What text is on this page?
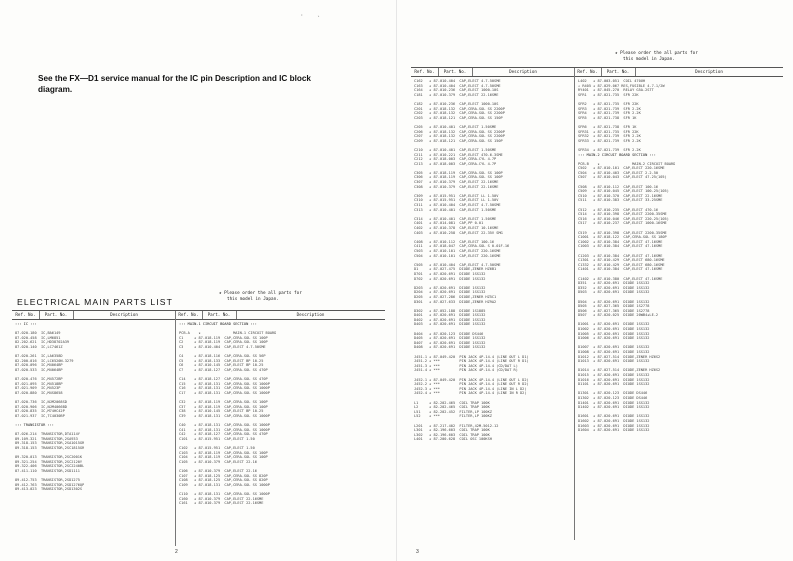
·
See the FX—D1 service manual for the IC pin Description and IC block diagram.
ELECTRICAL MAIN PARTS LIST
★ Please order the all parts for
this model in Japan.
Ref. No.	Part. No.	Description	Ref. No.	Part. No.	Description
::: IC :::
87-020-180  IC,BA6149
87-020-458  IC,LM6851
82-202-621  IC,HD38702A39
87-020-140  IC,LC7461Z
87-020-261  IC,LA6358D
82-200-016  IC,LC6520N-3279
87-020-096  IC,M4064BP
87-020-533  IC,M4064BP
87-020-476  IC,M4572BP
87-021-095  IC,M4518BP
87-021-909  IC,M4523P
87-020-880  IC,M4S8658
87-020-736  IC,NJM2068SD
87-020-906  IC,NJM4066BD
87-020-835  IC,M74HC42P
87-021-937  IC,TC4030BP
::: TRANSISTOR :::
87-026-214  TRANSISTOR,DTA114Y
89-109-321  TRANSISTOR,2SA933
89-318-153  TRANSISTOR,2SA1015GR
89-318-153  TRANSISTOR,2SC1815GR
89-320-013  TRANSISTOR,2SC2001K
89-321-254  TRANSISTOR,2SC2120Y
89-322-406  TRANSISTOR,2SC2240BL
87-411-110  TRANSISTOR,2SD1111
89-412-753  TRANSISTOR,2SD1275
89-412-763  TRANSISTOR,2SD1276QP
89-413-023  TRANSISTOR,2SD1302S
::: MAIN-1 CIRCUIT BOARD SECTION :::
PCB-A    ★               MAIN-1 CIRCUIT BOARD
C1     ★ 87-018-119  CAP,CERA-SOL SS 100P
C2     ★ 87-018-119  CAP,CERA-SOL SS 100P
C3     ★ 87-010-404  CAP,ELECT 4.7-50SME
C4     ★ 87-018-116  CAP,CERA-SOL SS 56P
C5     ★ 87-018-133  CAP,ELECT BP 10-25
C6     ★ 87-010-145  CAP,ELECT BP 10-25
C7     ★ 87-018-127  CAP,CERA-SOL SS 470P
C14    ★ 87-018-127  CAP,CERA-SOL SS 470P
C15    ★ 87-018-131  CAP,CERA-SOL SS 1000P
C16    ★ 87-018-131  CAP,CERA-SOL SS 1000P
C17    ★ 87-018-131  CAP,CERA-SOL SS 1000P
C32    ★ 87-018-119  CAP,CERA-SOL SS 100P
C37    ★ 87-018-119  CAP,CERA-SOL SS 100P
C38    ★ 87-010-145  CAP,ELECT BP 10-25
C39    ★ 87-018-131  CAP,CERA-SOL SS 1000P
C40    ★ 87-018-131  CAP,CERA-SOL SS 1000P
C41    ★ 87-018-131  CAP,CERA-SOL SS 1000P
C42    ★ 87-018-127  CAP,CERA-SOL SS 470P
C101   ★ 87-015-951  CAP,ELECT 1-50
C102   ★ 87-015-951  CAP,ELECT 1-50
C103   ★ 87-018-119  CAP,CERA-SOL SS 100P
C104   ★ 87-018-119  CAP,CERA-SOL SS 100P
C105   ★ 87-010-379  CAP,ELECT 22-16
C106   ★ 87-010-379  CAP,ELECT 22-16
C107   ★ 87-018-125  CAP,CERA-SOL SS 820P
C108   ★ 87-018-125  CAP,CERA-SOL SS 820P
C109   ★ 87-018-131  CAP,CERA-SOL SS 1000P
C110   ★ 87-018-131  CAP,CERA-SOL SS 1000P
C160   ★ 87-010-379  CAP,ELECT 22-16SME
C161   ★ 87-010-379  CAP,ELECT 22-16SME
2
`
★ Please order the all parts for
this model in Japan.
Ref. No.	Part. No.	Description	Ref. No.	Part. No.	Description
C162   ★ 87-010-404  CAP,ELECT 4.7-50SME
C163   ★ 87-010-404  CAP,ELECT 4.7-50SME
C164   ★ 87-010-236  CAP,ELECT 1000-10S
C181   ★ 87-010-379  CAP,ELECT 22-16SME
C182   ★ 87-010-236  CAP,ELECT 1000-10S
C201   ★ 87-018-132  CAP,CERA-SOL SS 2200P
C202   ★ 87-018-132  CAP,CERA-SOL SS 2200P
C203   ★ 87-018-121  CAP,CERA-SOL SS 150P
C205   ★ 87-010-401  CAP,ELECT 1-50SME
C206   ★ 87-018-132  CAP,CERA-SOL SS 2200P
C207   ★ 87-018-132  CAP,CERA-SOL SS 2200P
C209   ★ 87-018-121  CAP,CERA-SOL SS 150P
C210   ★ 87-010-401  CAP,ELECT 1-50SME
C211   ★ 87-010-221  CAP,ELECT 470-6.3SME
C212   ★ 87-018-003  CAP,CERA-CYL 4.7P
C213   ★ 87-018-003  CAP,CERA-CYL 4.7P
C305   ★ 87-018-119  CAP,CERA-SOL SS 100P
C306   ★ 87-018-119  CAP,CERA-SOL SS 100P
C307   ★ 87-010-379  CAP,ELECT 22-16SME
C308   ★ 87-010-379  CAP,ELECT 22-16SME
C309   ★ 87-015-951  CAP,ELECT LL 1-50V
C310   ★ 87-015-951  CAP,ELECT LL 1-50V
C311   ★ 87-010-404  CAP,ELECT 4.7-50SME
C313   ★ 87-010-401  CAP,ELECT 1-50SME
C314   ★ 87-010-401  CAP,ELECT 1-50SME
C401   ★ 87-014-081  CAP,PP 0.01
C402   ★ 87-010-378  CAP,ELECT 10-16SME
C403   ★ 87-010-258  CAP,ELECT 22-35V SMG
C408   ★ 87-010-112  CAP,ELECT 100-16
C411   ★ 87-018-047  CAP,CERA-SOL S 0.01F-16
C503   ★ 87-010-101  CAP,ELECT 220-16SME
C504   ★ 87-010-101  CAP,ELECT 220-16SME
C505   ★ 87-010-404  CAP,ELECT 4.7-50SME
D1     ★ 87-027-475  DIODE,ZENER HZ6B1
D701   ★ 87-020-691  DIODE 1SS132
D702   ★ 87-020-691  DIODE 1SS132
D203   ★ 87-020-691  DIODE 1SS132
D204   ★ 87-020-691  DIODE 1SS132
D205   ★ 87-027-286  DIODE,ZENER HZ5C1
D301   ★ 87-027-633  DIODE,ZENER HZ9A2
D302   ★ 87-052-188  DIODE 1S1885
D401   ★ 87-020-691  DIODE 1SS132
D402   ★ 87-020-691  DIODE 1SS132
D403   ★ 87-020-691  DIODE 1SS132
D404   ★ 87-020-123  DIODE DS446
D405   ★ 87-020-691  DIODE 1SS132
D407   ★ 87-020-691  DIODE 1SS132
D408   ★ 87-020-691  DIODE 1SS132
J451-1 ★ 87-049-420  PIN JACK 4P-14.4 (LINE OUT L D1)
J451-2 ★ ***         PIN JACK 4P-14.4 (LINE OUT R D1)
J451-3 ★ ***         PIN JACK 4P-14.4 (CD/DAT L)
J451-4 ★ ***         PIN JACK 4P-14.4 (CD/DAT R)
J452-1 ★ 87-049-420  PIN JACK 4P-14.4 (LINE OUT L D2)
J452-2 ★ ***         PIN JACK 4P-14.4 (LINE OUT R D2)
J452-3 ★ ***         PIN JACK 4P-14.4 (LINE IN L D2)
J452-4 ★ ***         PIN JACK 4P-14.4 (LINE IN R D2)
L1     ★ 82-202-465  COIL TRAP 100K
L2     ★ 82-202-465  COIL TRAP 100K
L51    ★ 82-202-452  FILTER,LP 100KZ
L52    ★ ***         FILTER,LP 100KZ
L201   ★ 87-217-402  FILTER,42M-5012-12
L301   ★ 82-196-603  COIL TRAP 100K
L302   ★ 82-196-603  COIL TRAP 100K
L401   ★ 87-200-628  COIL OSC 100KSH
L402   ★ 87-003-051  COIL 470UH
⚠ R405 ★ 87-029-067 RES,FUSIBLE 4.7-1/2W
RY401  ★ 87-045-270  RELAY G5A-2STT
SFR1   ★ 87-021-735  SFR 22K
SFR2   ★ 87-021-735  SFR 22K
SFR3   ★ 87-021-739  SFR 2.2K
SFR4   ★ 87-021-739  SFR 2.2K
SFR5   ★ 87-021-738  SFR 1K
SFR6   ★ 87-021-738  SFR 1K
SFR31  ★ 87-021-735  SFR 22K
SFR32  ★ 87-021-739  SFR 2.2K
SFR33  ★ 87-021-739  SFR 2.2K
SFR34  ★ 87-021-739  SFR 2.2K
::: MAIN-2 CIRCUIT BOARD SECTION :::
PCB-B    ★               MAIN-2 CIRCUIT BOARD
C502   ★ 87-010-101  CAP,ELECT 220-16SME
C504   ★ 87-010-403  CAP,ELECT 2.2-50
C507   ★ 87-010-043  CAP,ELECT 47-25(105)
C508   ★ 87-010-112  CAP,ELECT 100-16
C509   ★ 87-010-045  CAP,ELECT 100-25(105)
C510   ★ 87-010-370  CAP,ELECT 22-16SME
C511   ★ 87-010-383  CAP,ELECT 33-25SME
C512   ★ 87-010-235  CAP,ELECT 470-16
C514   ★ 87-010-398  CAP,ELECT 2200-35SME
C516   ★ 87-010-046  CAP,ELECT 220-25(105)
C517   ★ 87-010-237  CAP,ELECT 1000-16SME
C519   ★ 87-010-398  CAP,ELECT 2200-35SME
C1001  ★ 87-018-122  CAP,CERA-SOL SS 180P
C1002  ★ 87-010-384  CAP,ELECT 47-16SME
C1003  ★ 87-010-384  CAP,ELECT 47-16SME
C1203  ★ 87-010-384  CAP,ELECT 47-16SME
C1301  ★ 87-010-429  CAP,ELECT 680-16SME
C1332  ★ 87-010-429  CAP,ELECT 680-16SME
C1401  ★ 87-010-384  CAP,ELECT 47-16SME
C1402  ★ 87-010-380  CAP,ELECT 47-16SME
D351   ★ 87-020-691  DIODE 1SS132
D352   ★ 87-020-691  DIODE 1SS132
D503   ★ 87-020-691  DIODE 1SS132
D504   ★ 87-020-691  DIODE 1SS132
D505   ★ 87-027-365  DIODE 1S2778
D506   ★ 87-027-365  DIODE 1S2778
D507   ★ 87-020-025  DIODE 20WB4★LE-2
D1001  ★ 87-020-691  DIODE 1SS132
D1002  ★ 87-020-691  DIODE 1SS132
D1005  ★ 87-020-691  DIODE 1SS132
D1006  ★ 87-020-691  DIODE 1SS132
D1007  ★ 87-020-691  DIODE 1SS132
D1008  ★ 87-020-691  DIODE 1SS132
D1012  ★ 87-027-514  DIODE,ZENER HZ6S2
D1013  ★ 87-020-691  DIODE 1SS132
D1014  ★ 87-027-514  DIODE,ZENER HZ6S2
D1015  ★ 87-020-691  DIODE 1SS132
D1016  ★ 87-020-691  DIODE 1SS132
D1101  ★ 87-020-691  DIODE 1SS132
D1301  ★ 87-020-123  DIODE DS446
D1302  ★ 87-020-123  DIODE DS446
D1401  ★ 87-020-691  DIODE 1SS132
D1402  ★ 87-020-691  DIODE 1SS132
D1601  ★ 87-020-691  DIODE 1SS132
D1602  ★ 87-020-691  DIODE 1SS132
D1603  ★ 87-020-691  DIODE 1SS132
D1604  ★ 87-020-691  DIODE 1SS132
3
